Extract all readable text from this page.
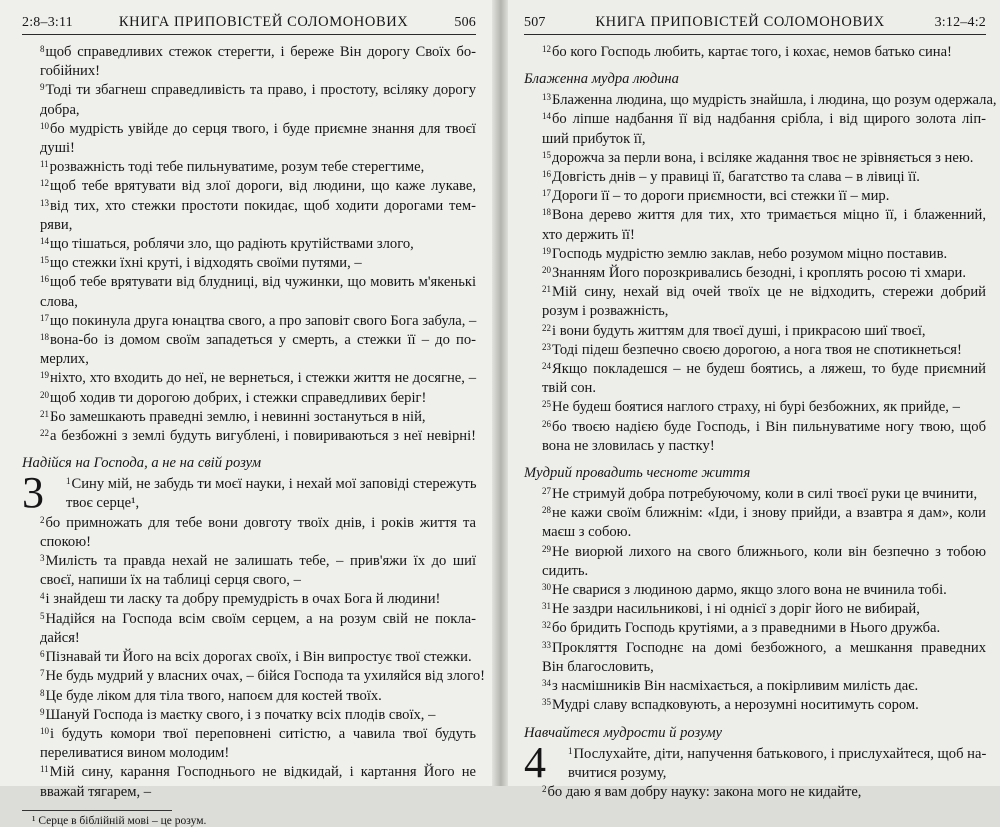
2:8–3:11	КНИГА ПРИПОВІСТЕЙ СОЛОМОНОВИХ	506
$^8$щоб справедливих стежок стерегти, і береже Він дорогу Своїх бо-
гобійних!
$^9$Тоді ти збагнеш справедливість та право, і простоту, всіляку дорогу
добра,
$^{10}$бо мудрість увійде до серця твого, і буде приємне знання для твоєї
душі!
$^{11}$розважність тоді тебе пильнуватиме, розум тебе стерегтиме,
$^{12}$щоб тебе врятувати від злої дороги, від людини, що каже лукаве,
$^{13}$від тих, хто стежки простоти покидає, щоб ходити дорогами тем-
ряви,
$^{14}$що тішаться, роблячи зло, що радіють крутійствами злого,
$^{15}$що стежки їхні круті, і відходять своїми путями, –
$^{16}$щоб тебе врятувати від блудниці, від чужинки, що мовить м'якенькі
слова,
$^{17}$що покинула друга юнацтва свого, а про заповіт свого Бога забула, –
$^{18}$вона-бо із домом своїм западеться у смерть, а стежки її – до по-
мерлих,
$^{19}$ніхто, хто входить до неї, не вернеться, і стежки життя не досягне, –
$^{20}$щоб ходив ти дорогою добрих, і стежки справедливих беріг!
$^{21}$Бо замешкають праведні землю, і невинні зостануться в ній,
$^{22}$а безбожні з землі будуть вигублені, і повириваються з неї невірні!
Надійся на Господа, а не на свій розум
3	$^1$Сину мій, не забудь ти моєї науки, і нехай мої заповіді стережуть
твоє серце¹,
$^2$бо примножать для тебе вони довготу твоїх днів, і років життя та
спокою!
$^3$Милість та правда нехай не залишать тебе, – прив'яжи їх до шиї
своєї, напиши їх на таблиці серця свого, –
$^4$і знайдеш ти ласку та добру премудрість в очах Бога й людини!
$^5$Надійся на Господа всім своїм серцем, а на розум свій не покла-
дайся!
$^6$Пізнавай ти Його на всіх дорогах своїх, і Він випростує твої стежки.
$^7$Не будь мудрий у власних очах, – бійся Господа та ухиляйся від злого!
$^8$Це буде ліком для тіла твого, напоєм для костей твоїх.
$^9$Шануй Господа із маєтку свого, і з початку всіх плодів своїх, –
$^{10}$і будуть комори твої переповнені ситістю, а чавила твої будуть
переливатися вином молодим!
$^{11}$Мій сину, карання Господнього не відкидай, і картання Його не
вважай тягарем, –
¹ Серце в біблійній мові – це розум.
507	КНИГА ПРИПОВІСТЕЙ СОЛОМОНОВИХ	3:12–4:2
$^{12}$бо кого Господь любить, картає того, і кохає, немов батько сина!
Блаженна мудра людина
$^{13}$Блаженна людина, що мудрість знайшла, і людина, що розум одержала,
$^{14}$бо ліпше надбання її від надбання срібла, і від щирого золота ліп-
ший прибуток її,
$^{15}$дорожча за перли вона, і всіляке жадання твоє не зрівняється з нею.
$^{16}$Довгість днів – у правиці її, багатство та слава – в лівиці її.
$^{17}$Дороги її – то дороги приємности, всі стежки її – мир.
$^{18}$Вона дерево життя для тих, хто тримається міцно її, і блаженний,
хто держить її!
$^{19}$Господь мудрістю землю заклав, небо розумом міцно поставив.
$^{20}$Знанням Його порозкривались безодні, і кроплять росою ті хмари.
$^{21}$Мій сину, нехай від очей твоїх це не відходить, стережи добрий
розум і розважність,
$^{22}$і вони будуть життям для твоєї душі, і прикрасою шиї твоєї,
$^{23}$Тоді підеш безпечно своєю дорогою, а нога твоя не спотикнеться!
$^{24}$Якщо покладешся – не будеш боятись, а ляжеш, то буде приємний
твій сон.
$^{25}$Не будеш боятися наглого страху, ні бурі безбожних, як прийде, –
$^{26}$бо твоєю надією буде Господь, і Він пильнуватиме ногу твою, щоб
вона не зловилась у пастку!
Мудрий провадить чесноте життя
$^{27}$Не стримуй добра потребуючому, коли в силі твоєї руки це вчинити,
$^{28}$не кажи своїм ближнім: «Іди, і знову прийди, а взавтра я дам», коли
маєш з собою.
$^{29}$Не виорюй лихого на свого ближнього, коли він безпечно з тобою
сидить.
$^{30}$Не сварися з людиною дармо, якщо злого вона не вчинила тобі.
$^{31}$Не заздри насильникові, і ні однієї з доріг його не вибирай,
$^{32}$бо бридить Господь крутіями, а з праведними в Нього дружба.
$^{33}$Прокляття Господнє на домі безбожного, а мешкання праведних
Він благословить,
$^{34}$з насмішників Він насміхається, а покірливим милість дає.
$^{35}$Мудрі славу вспадковують, а нерозумні носитимуть сором.
Навчайтеся мудрости й розуму
4	$^1$Послухайте, діти, напучення батькового, і прислухайтеся, щоб на-
вчитися розуму,
$^2$бо даю я вам добру науку: закона мого не кидайте,
